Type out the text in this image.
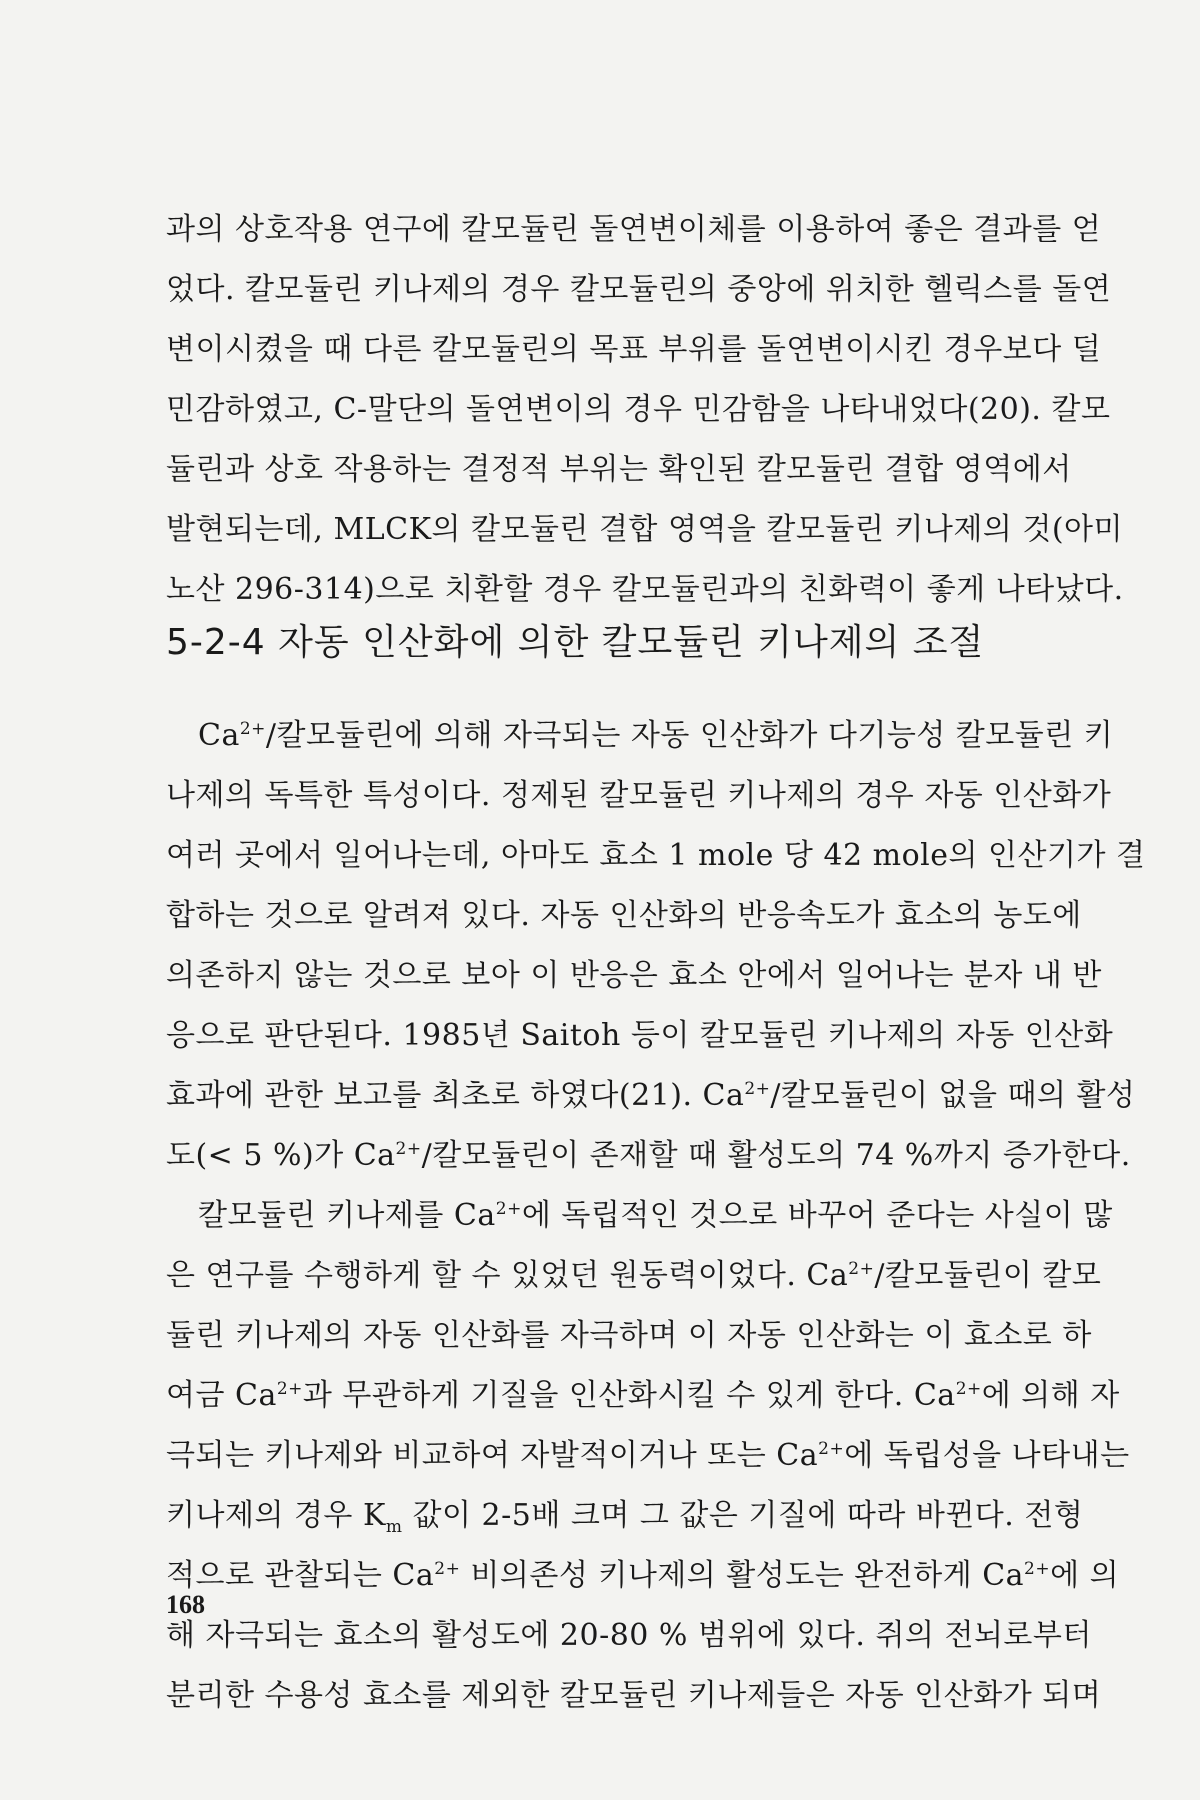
과의 상호작용 연구에 칼모듈린 돌연변이체를 이용하여 좋은 결과를 얻
었다. 칼모듈린 키나제의 경우 칼모듈린의 중앙에 위치한 헬릭스를 돌연
변이시켰을 때 다른 칼모듈린의 목표 부위를 돌연변이시킨 경우보다 덜
민감하였고, C-말단의 돌연변이의 경우 민감함을 나타내었다(20). 칼모
듈린과 상호 작용하는 결정적 부위는 확인된 칼모듈린 결합 영역에서
발현되는데, MLCK의 칼모듈린 결합 영역을 칼모듈린 키나제의 것(아미
노산 296-314)으로 치환할 경우 칼모듈린과의 친화력이 좋게 나타났다.
5-2-4 자동 인산화에 의한 칼모듈린 키나제의 조절
$Ca^{2+}/$칼모듈린에 의해 자극되는 자동 인산화가 다기능성 칼모듈린 키
나제의 독특한 특성이다. 정제된 칼모듈린 키나제의 경우 자동 인산화가
여러 곳에서 일어나는데, 아마도 효소 1 mole 당 42 mole의 인산기가 결
합하는 것으로 알려져 있다. 자동 인산화의 반응속도가 효소의 농도에
의존하지 않는 것으로 보아 이 반응은 효소 안에서 일어나는 분자 내 반
응으로 판단된다. 1985년 Saitoh 등이 칼모듈린 키나제의 자동 인산화
효과에 관한 보고를 최초로 하였다(21). $Ca^{2+}/$칼모듈린이 없을 때의 활성
도(< 5 %)가 $Ca^{2+}/$칼모듈린이 존재할 때 활성도의 74 %까지 증가한다.
칼모듈린 키나제를 $Ca^{2+}$에 독립적인 것으로 바꾸어 준다는 사실이 많
은 연구를 수행하게 할 수 있었던 원동력이었다. $Ca^{2+}/$칼모듈린이 칼모
듈린 키나제의 자동 인산화를 자극하며 이 자동 인산화는 이 효소로 하
여금 $Ca^{2+}$과 무관하게 기질을 인산화시킬 수 있게 한다. $Ca^{2+}$에 의해 자
극되는 키나제와 비교하여 자발적이거나 또는 $Ca^{2+}$에 독립성을 나타내는
키나제의 경우 $K_m$ 값이 2-5배 크며 그 값은 기질에 따라 바뀐다. 전형
적으로 관찰되는 $Ca^{2+}$ 비의존성 키나제의 활성도는 완전하게 $Ca^{2+}$에 의
해 자극되는 효소의 활성도에 20-80 % 범위에 있다. 쥐의 전뇌로부터
분리한 수용성 효소를 제외한 칼모듈린 키나제들은 자동 인산화가 되며
168
